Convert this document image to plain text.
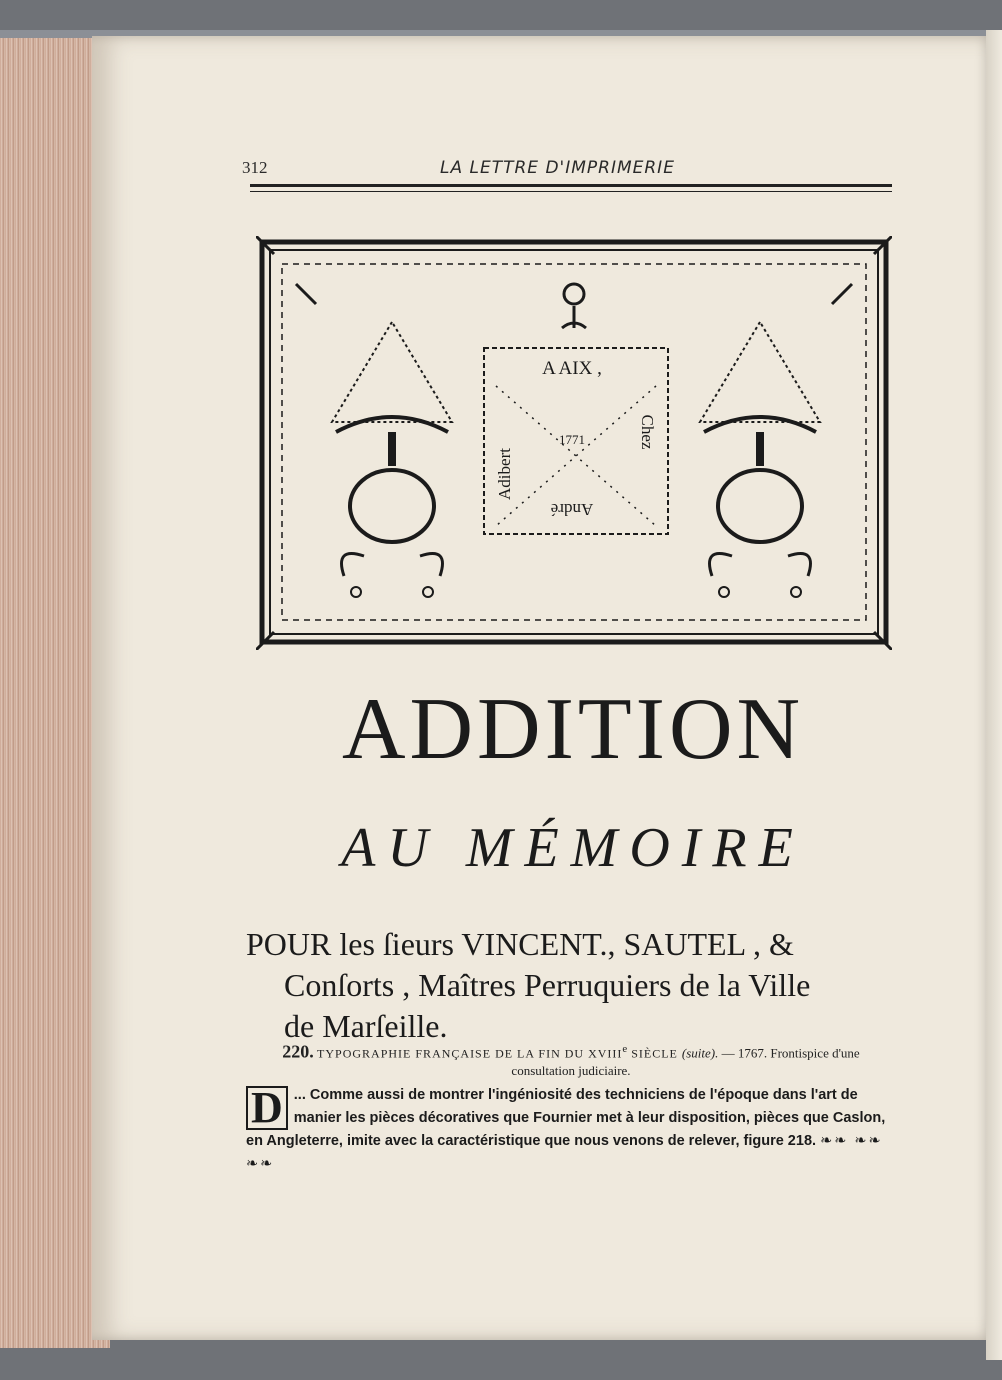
312	LA LETTRE D'IMPRIMERIE
A AIX ,
Adibert
Chez
André
1771
ADDITION
AU MÉMOIRE
POUR les ſieurs VINCENT., SAUTEL , &
Conſorts , Maîtres Perruquiers de la Ville
de Marſeille.
220. TYPOGRAPHIE FRANÇAISE DE LA FIN DU XVIIIe SIÈCLE (suite). — 1767. Frontispice d'une
consultation judiciaire.
D ... Comme aussi de montrer l'ingéniosité des techniciens de l'époque dans l'art de manier les pièces décoratives que Fournier met à leur disposition, pièces que Caslon, en Angleterre, imite avec la caractéristique que nous venons de relever, figure 218. ❧❧ ❧❧ ❧❧
